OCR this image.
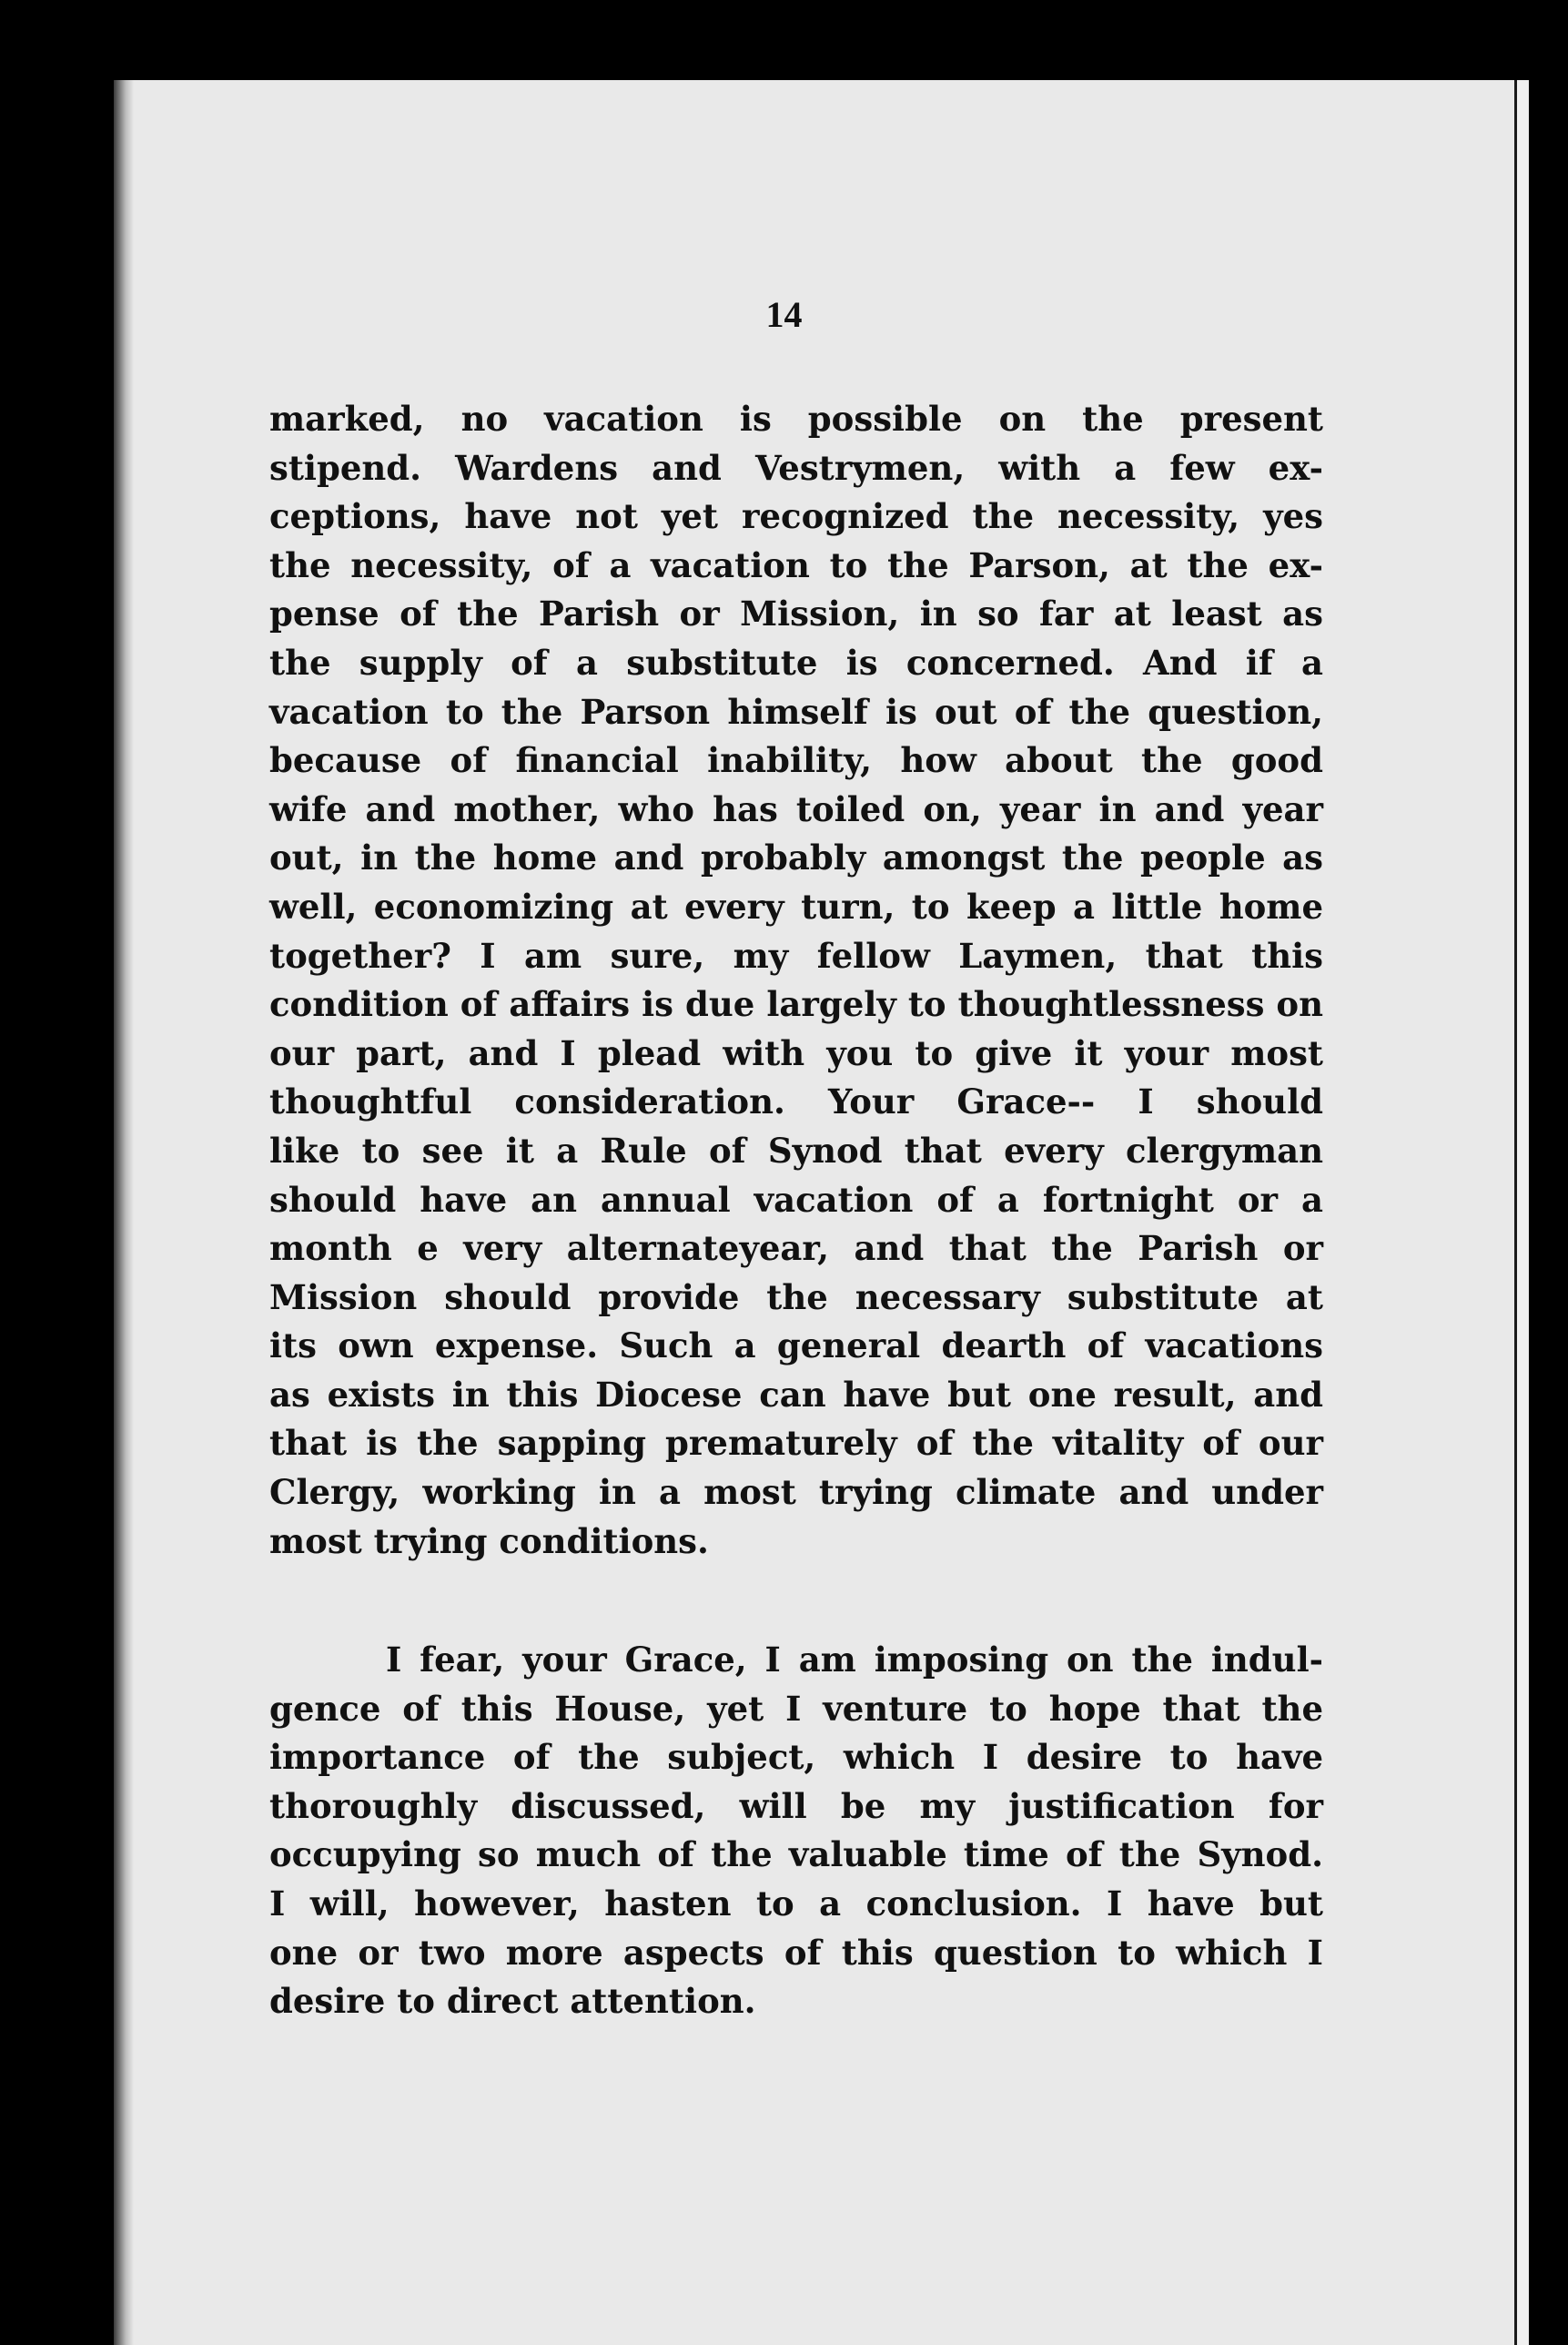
14
marked, no vacation is possible on the present
stipend. Wardens and Vestrymen, with a few ex-
ceptions, have not yet recognized the necessity, yes
the necessity, of a vacation to the Parson, at the ex-
pense of the Parish or Mission, in so far at least as
the supply of a substitute is concerned. And if a
vacation to the Parson himself is out of the question,
because of financial inability, how about the good
wife and mother, who has toiled on, year in and year
out, in the home and probably amongst the people as
well, economizing at every turn, to keep a little home
together? I am sure, my fellow Laymen, that this
condition of affairs is due largely to thoughtlessness on
our part, and I plead with you to give it your most
thoughtful consideration. Your Grace-- I should
like to see it a Rule of Synod that every clergyman
should have an annual vacation of a fortnight or a
month e very alternateyear, and that the Parish or
Mission should provide the necessary substitute at
its own expense. Such a general dearth of vacations
as exists in this Diocese can have but one result, and
that is the sapping prematurely of the vitality of our
Clergy, working in a most trying climate and under
most trying conditions.
I fear, your Grace, I am imposing on the indul-
gence of this House, yet I venture to hope that the
importance of the subject, which I desire to have
thoroughly discussed, will be my justification for
occupying so much of the valuable time of the Synod.
I will, however, hasten to a conclusion. I have but
one or two more aspects of this question to which I
desire to direct attention.
